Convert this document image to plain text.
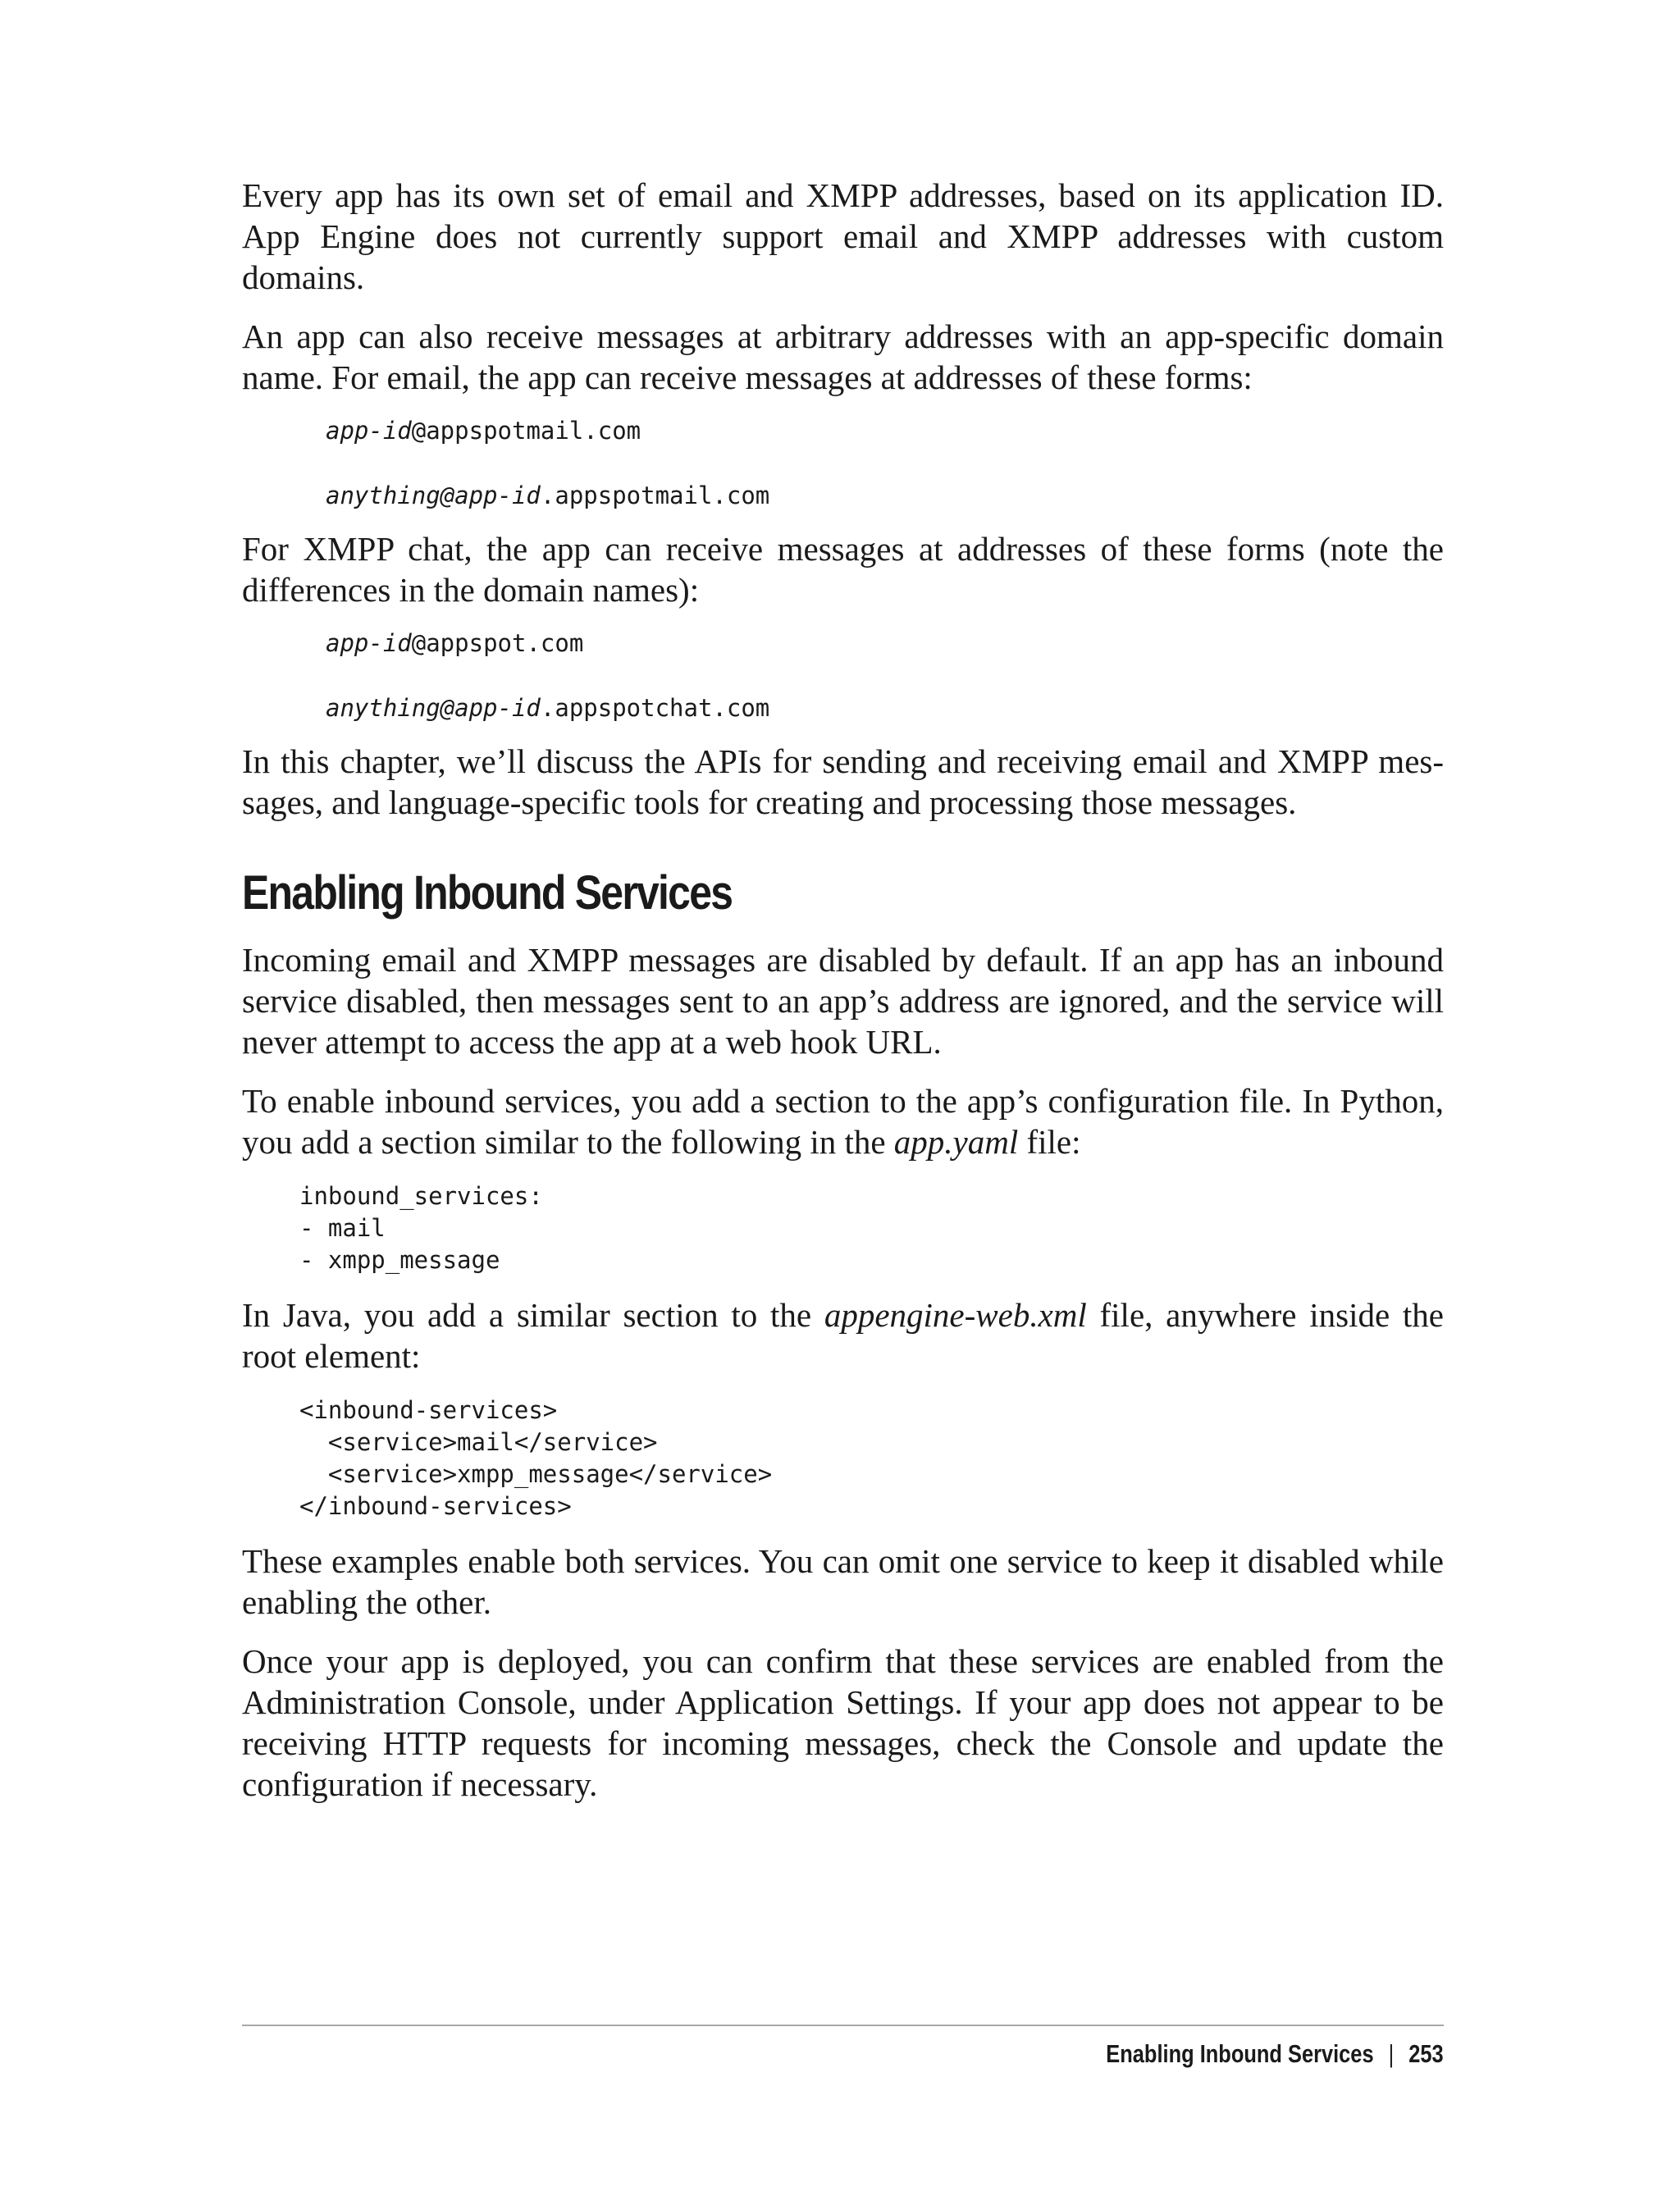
Every app has its own set of email and XMPP addresses, based on its application ID. App Engine does not currently support email and XMPP addresses with custom domains.

An app can also receive messages at arbitrary addresses with an app-specific domain name. For email, the app can receive messages at addresses of these forms:

app-id@appspotmail.com
anything@app-id.appspotmail.com

For XMPP chat, the app can receive messages at addresses of these forms (note the differences in the domain names):

app-id@appspot.com
anything@app-id.appspotchat.com

In this chapter, we’ll discuss the APIs for sending and receiving email and XMPP mes-sages, and language-specific tools for creating and processing those messages.

Enabling Inbound Services

Incoming email and XMPP messages are disabled by default. If an app has an inbound service disabled, then messages sent to an app’s address are ignored, and the service will never attempt to access the app at a web hook URL.

To enable inbound services, you add a section to the app’s configuration file. In Python, you add a section similar to the following in the app.yaml file:

inbound_services:
- mail
- xmpp_message

In Java, you add a similar section to the appengine-web.xml file, anywhere inside the root element:

<inbound-services>
<service>mail</service>
<service>xmpp_message</service>
</inbound-services>

These examples enable both services. You can omit one service to keep it disabled while enabling the other.

Once your app is deployed, you can confirm that these services are enabled from the Administration Console, under Application Settings. If your app does not appear to be receiving HTTP requests for incoming messages, check the Console and update the configuration if necessary.

Enabling Inbound Services | 253
